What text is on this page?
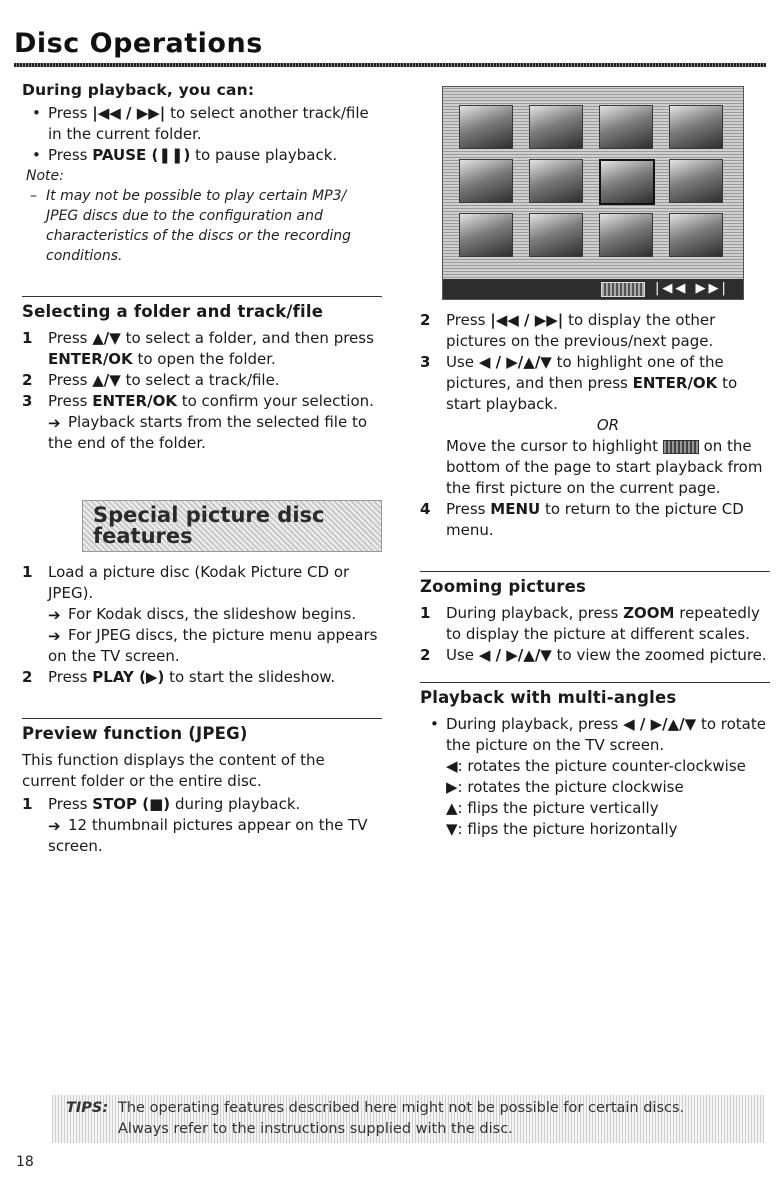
Disc Operations

During playback, you can:

• Press |◀◀ / ▶▶| to select another track/file in the current folder.

• Press PAUSE (❚❚) to pause playback.

Note:

– It may not be possible to play certain MP3/ JPEG discs due to the configuration and characteristics of the discs or the recording conditions.

Selecting a folder and track/file

1 Press ▲/▼ to select a folder, and then press ENTER/OK to open the folder.

2 Press ▲/▼ to select a track/file.

3 Press ENTER/OK to confirm your selection.

➔ Playback starts from the selected file to the end of the folder.

Special picture disc features

1 Load a picture disc (Kodak Picture CD or JPEG).

➔ For Kodak discs, the slideshow begins.

➔ For JPEG discs, the picture menu appears on the TV screen.

2 Press PLAY (▶) to start the slideshow.

Preview function (JPEG)

This function displays the content of the current folder or the entire disc.

1 Press STOP (■) during playback.

➔ 12 thumbnail pictures appear on the TV screen.

|◀◀ ▶▶|

2 Press |◀◀ / ▶▶| to display the other pictures on the previous/next page.

3 Use ◀ / ▶/▲/▼ to highlight one of the pictures, and then press ENTER/OK to start playback.

OR

Move the cursor to highlight	on the bottom of the page to start playback from the first picture on the current page.

4 Press MENU to return to the picture CD menu.

Zooming pictures

1 During playback, press ZOOM repeatedly to display the picture at different scales.

2 Use ◀ / ▶/▲/▼ to view the zoomed picture.

Playback with multi-angles

• During playback, press ◀ / ▶/▲/▼ to rotate the picture on the TV screen.

◀: rotates the picture counter-clockwise

▶: rotates the picture clockwise

▲: flips the picture vertically

▼: flips the picture horizontally

TIPS: The operating features described here might not be possible for certain discs.
Always refer to the instructions supplied with the disc.
18
